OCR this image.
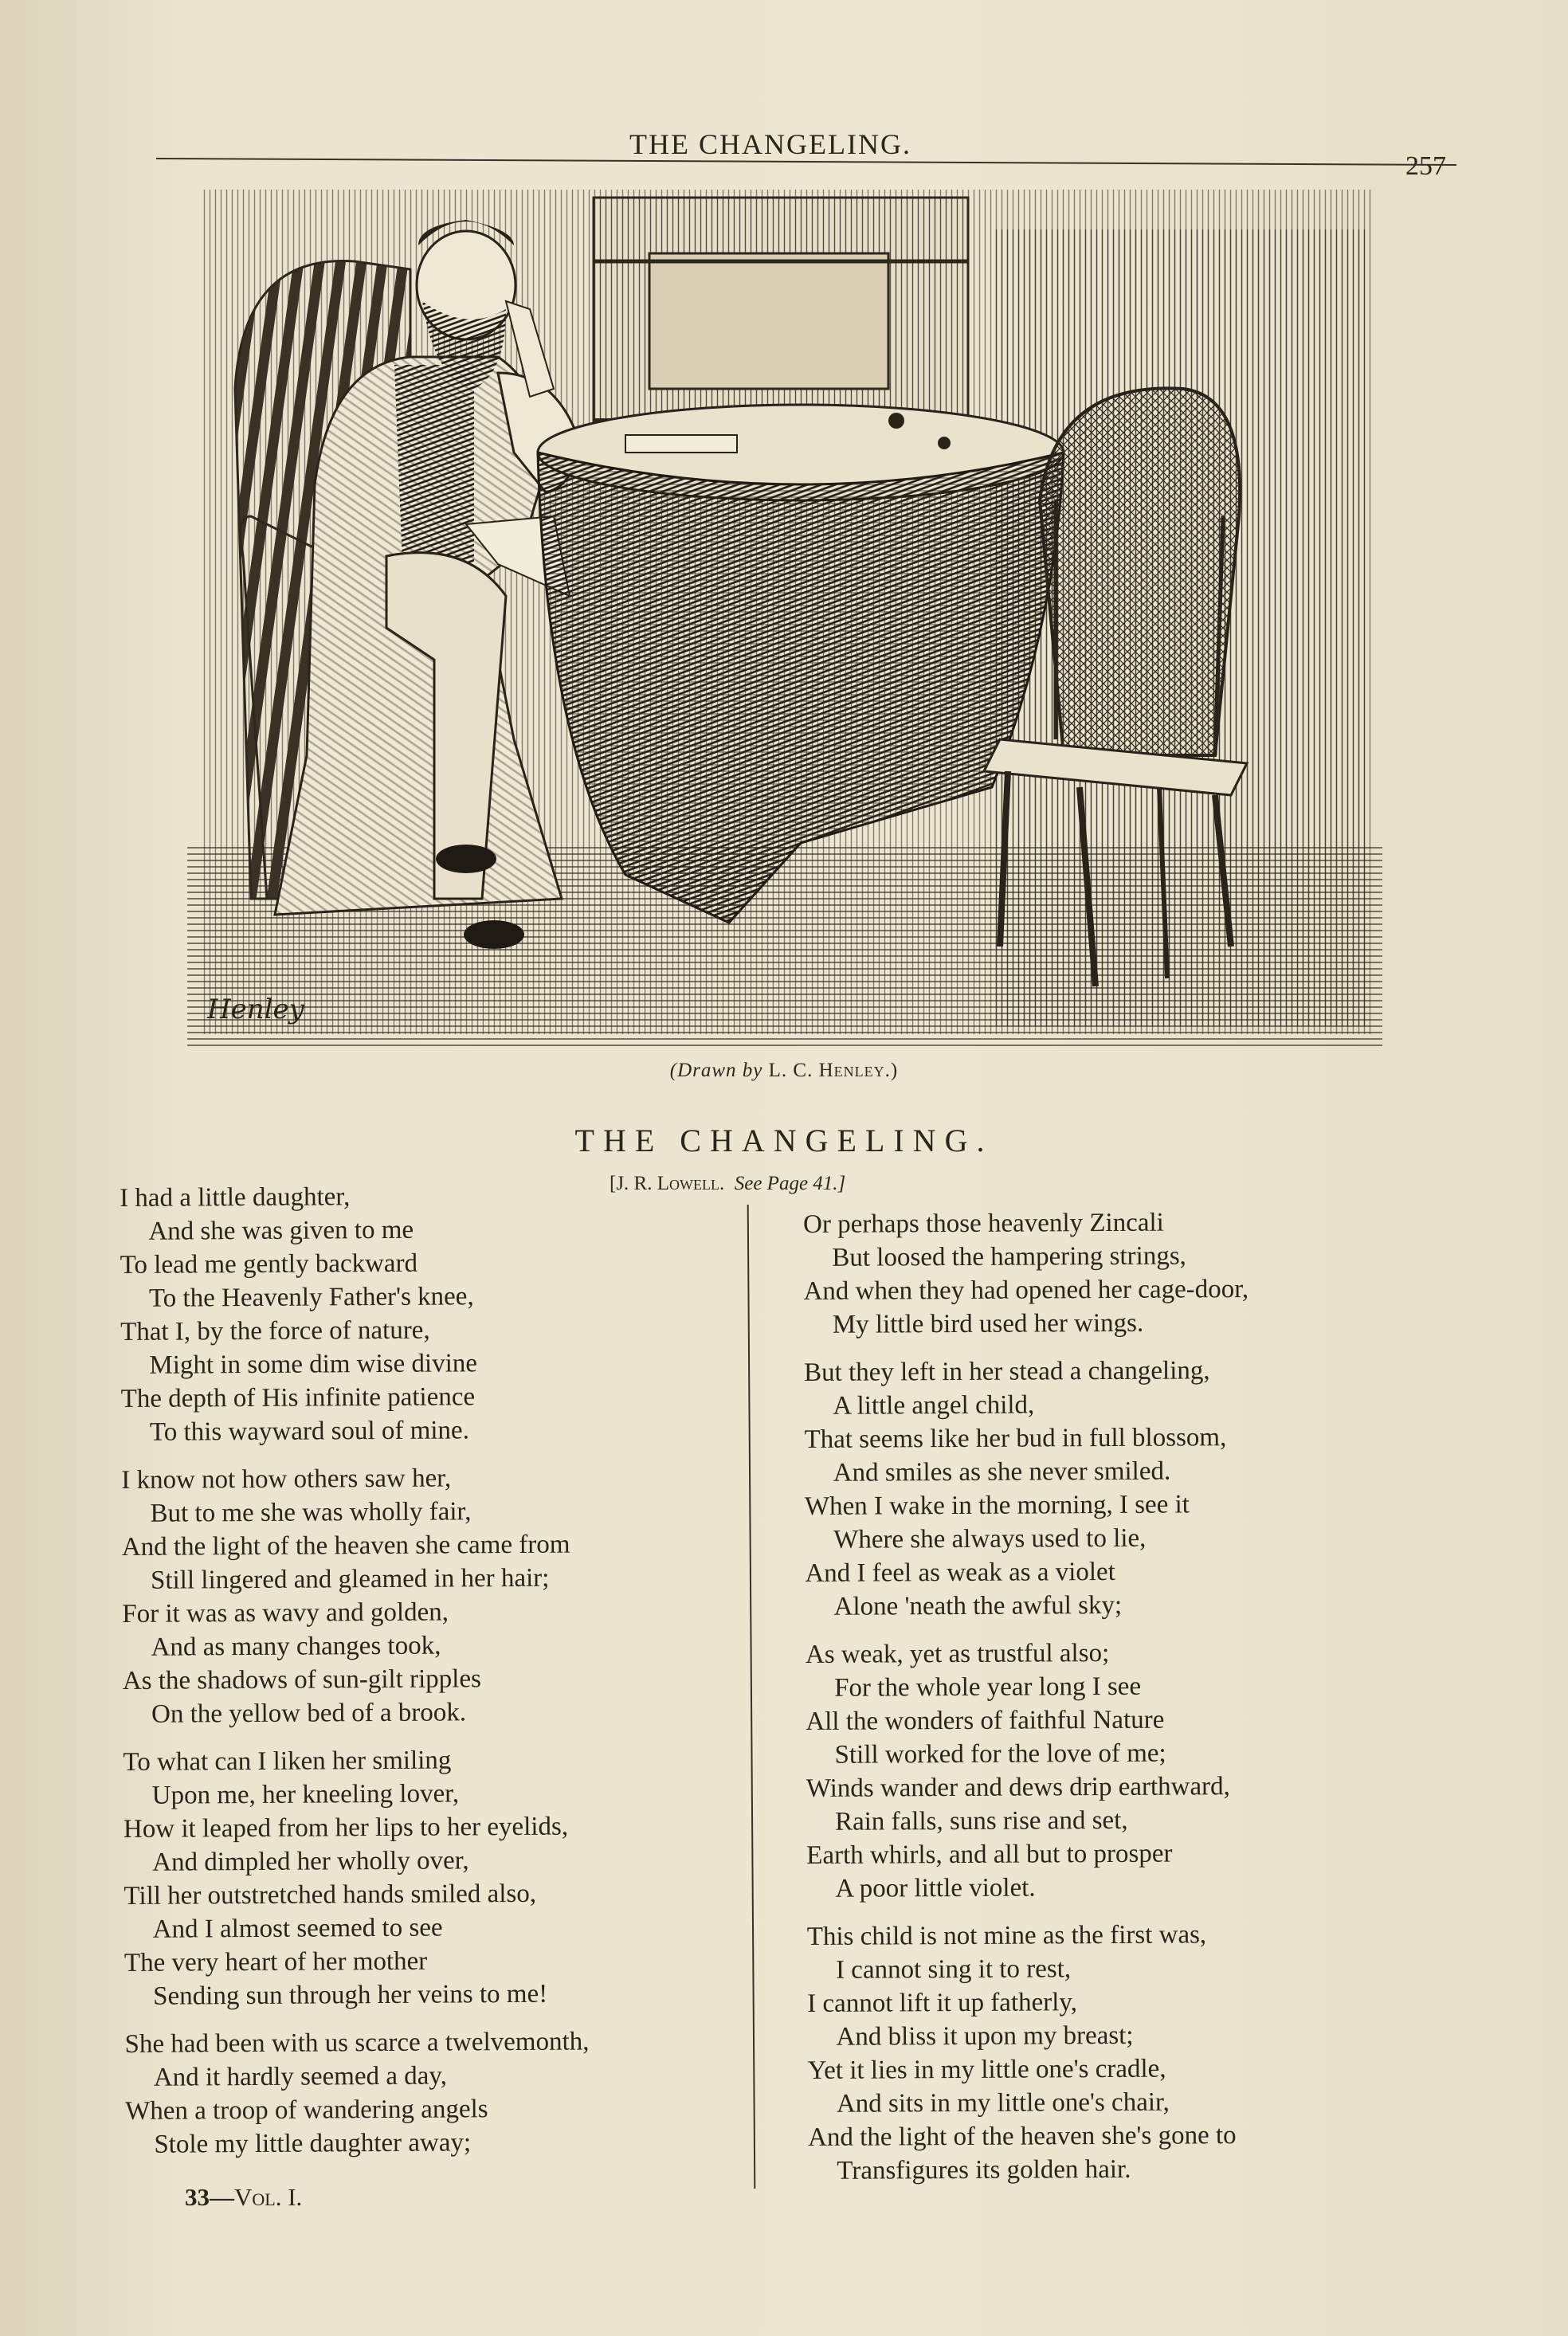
THE CHANGELING.
257
Henley
(Drawn by L. C. Henley.)
THE CHANGELING.
[J. R. Lowell. See Page 41.]
I had a little daughter,
And she was given to me
To lead me gently backward
To the Heavenly Father's knee,
That I, by the force of nature,
Might in some dim wise divine
The depth of His infinite patience
To this wayward soul of mine.
I know not how others saw her,
But to me she was wholly fair,
And the light of the heaven she came from
Still lingered and gleamed in her hair;
For it was as wavy and golden,
And as many changes took,
As the shadows of sun-gilt ripples
On the yellow bed of a brook.
To what can I liken her smiling
Upon me, her kneeling lover,
How it leaped from her lips to her eyelids,
And dimpled her wholly over,
Till her outstretched hands smiled also,
And I almost seemed to see
The very heart of her mother
Sending sun through her veins to me!
She had been with us scarce a twelvemonth,
And it hardly seemed a day,
When a troop of wandering angels
Stole my little daughter away;
Or perhaps those heavenly Zincali
But loosed the hampering strings,
And when they had opened her cage-door,
My little bird used her wings.
But they left in her stead a changeling,
A little angel child,
That seems like her bud in full blossom,
And smiles as she never smiled.
When I wake in the morning, I see it
Where she always used to lie,
And I feel as weak as a violet
Alone 'neath the awful sky;
As weak, yet as trustful also;
For the whole year long I see
All the wonders of faithful Nature
Still worked for the love of me;
Winds wander and dews drip earthward,
Rain falls, suns rise and set,
Earth whirls, and all but to prosper
A poor little violet.
This child is not mine as the first was,
I cannot sing it to rest,
I cannot lift it up fatherly,
And bliss it upon my breast;
Yet it lies in my little one's cradle,
And sits in my little one's chair,
And the light of the heaven she's gone to
Transfigures its golden hair.
33—Vol. I.
